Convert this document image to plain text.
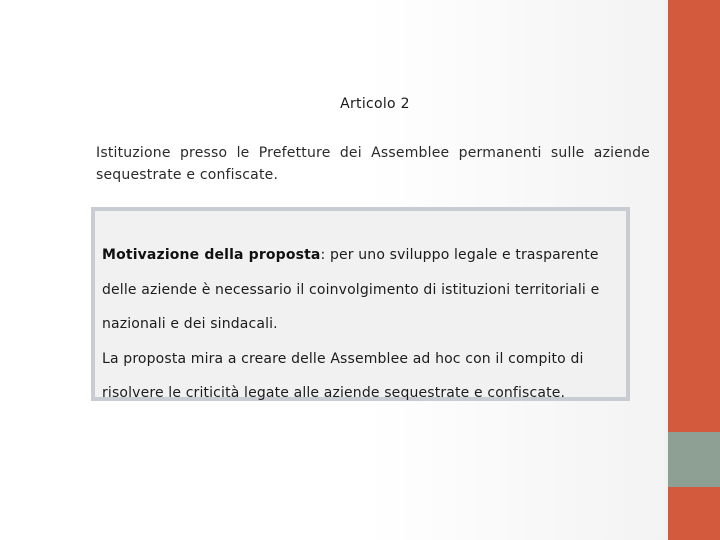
Articolo 2
Istituzione presso le Prefetture dei Assemblee permanenti sulle aziende
sequestrate e confiscate.
Motivazione della proposta: per uno sviluppo legale e trasparente
delle aziende è necessario il coinvolgimento di istituzioni territoriali e
nazionali e dei sindacali.
La proposta mira a creare delle Assemblee ad hoc con il compito di
risolvere le criticità legate alle aziende sequestrate e confiscate.
